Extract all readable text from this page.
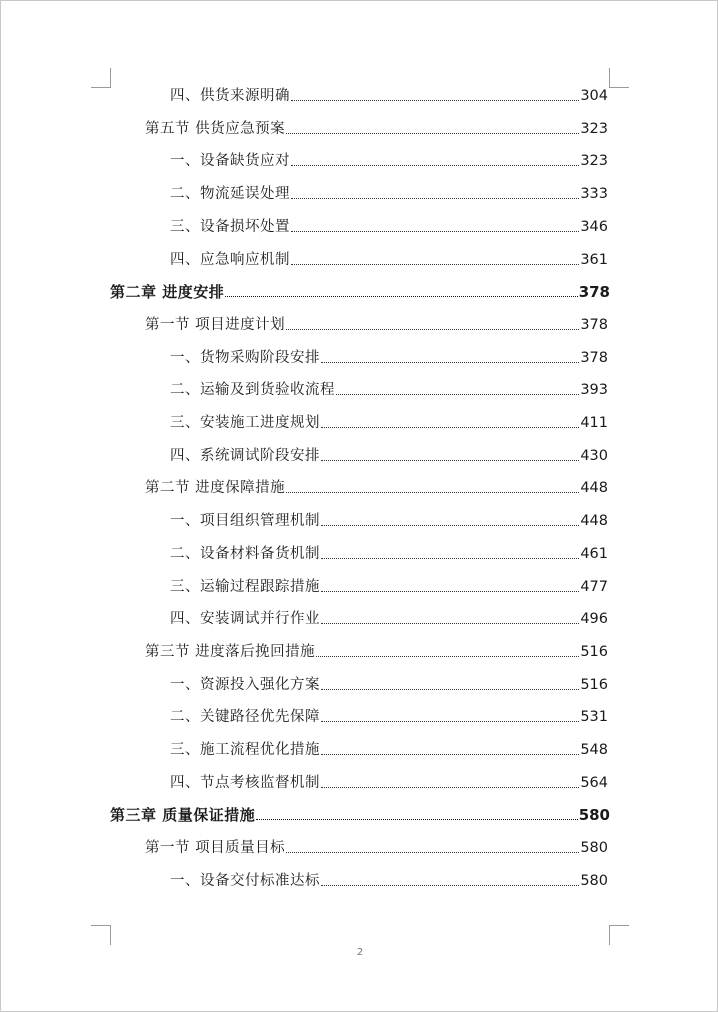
四、供货来源明确	304
第五节 供货应急预案	323
一、设备缺货应对	323
二、物流延误处理	333
三、设备损坏处置	346
四、应急响应机制	361
第二章 进度安排	378
第一节 项目进度计划	378
一、货物采购阶段安排	378
二、运输及到货验收流程	393
三、安装施工进度规划	411
四、系统调试阶段安排	430
第二节 进度保障措施	448
一、项目组织管理机制	448
二、设备材料备货机制	461
三、运输过程跟踪措施	477
四、安装调试并行作业	496
第三节 进度落后挽回措施	516
一、资源投入强化方案	516
二、关键路径优先保障	531
三、施工流程优化措施	548
四、节点考核监督机制	564
第三章 质量保证措施	580
第一节 项目质量目标	580
一、设备交付标准达标	580
2
